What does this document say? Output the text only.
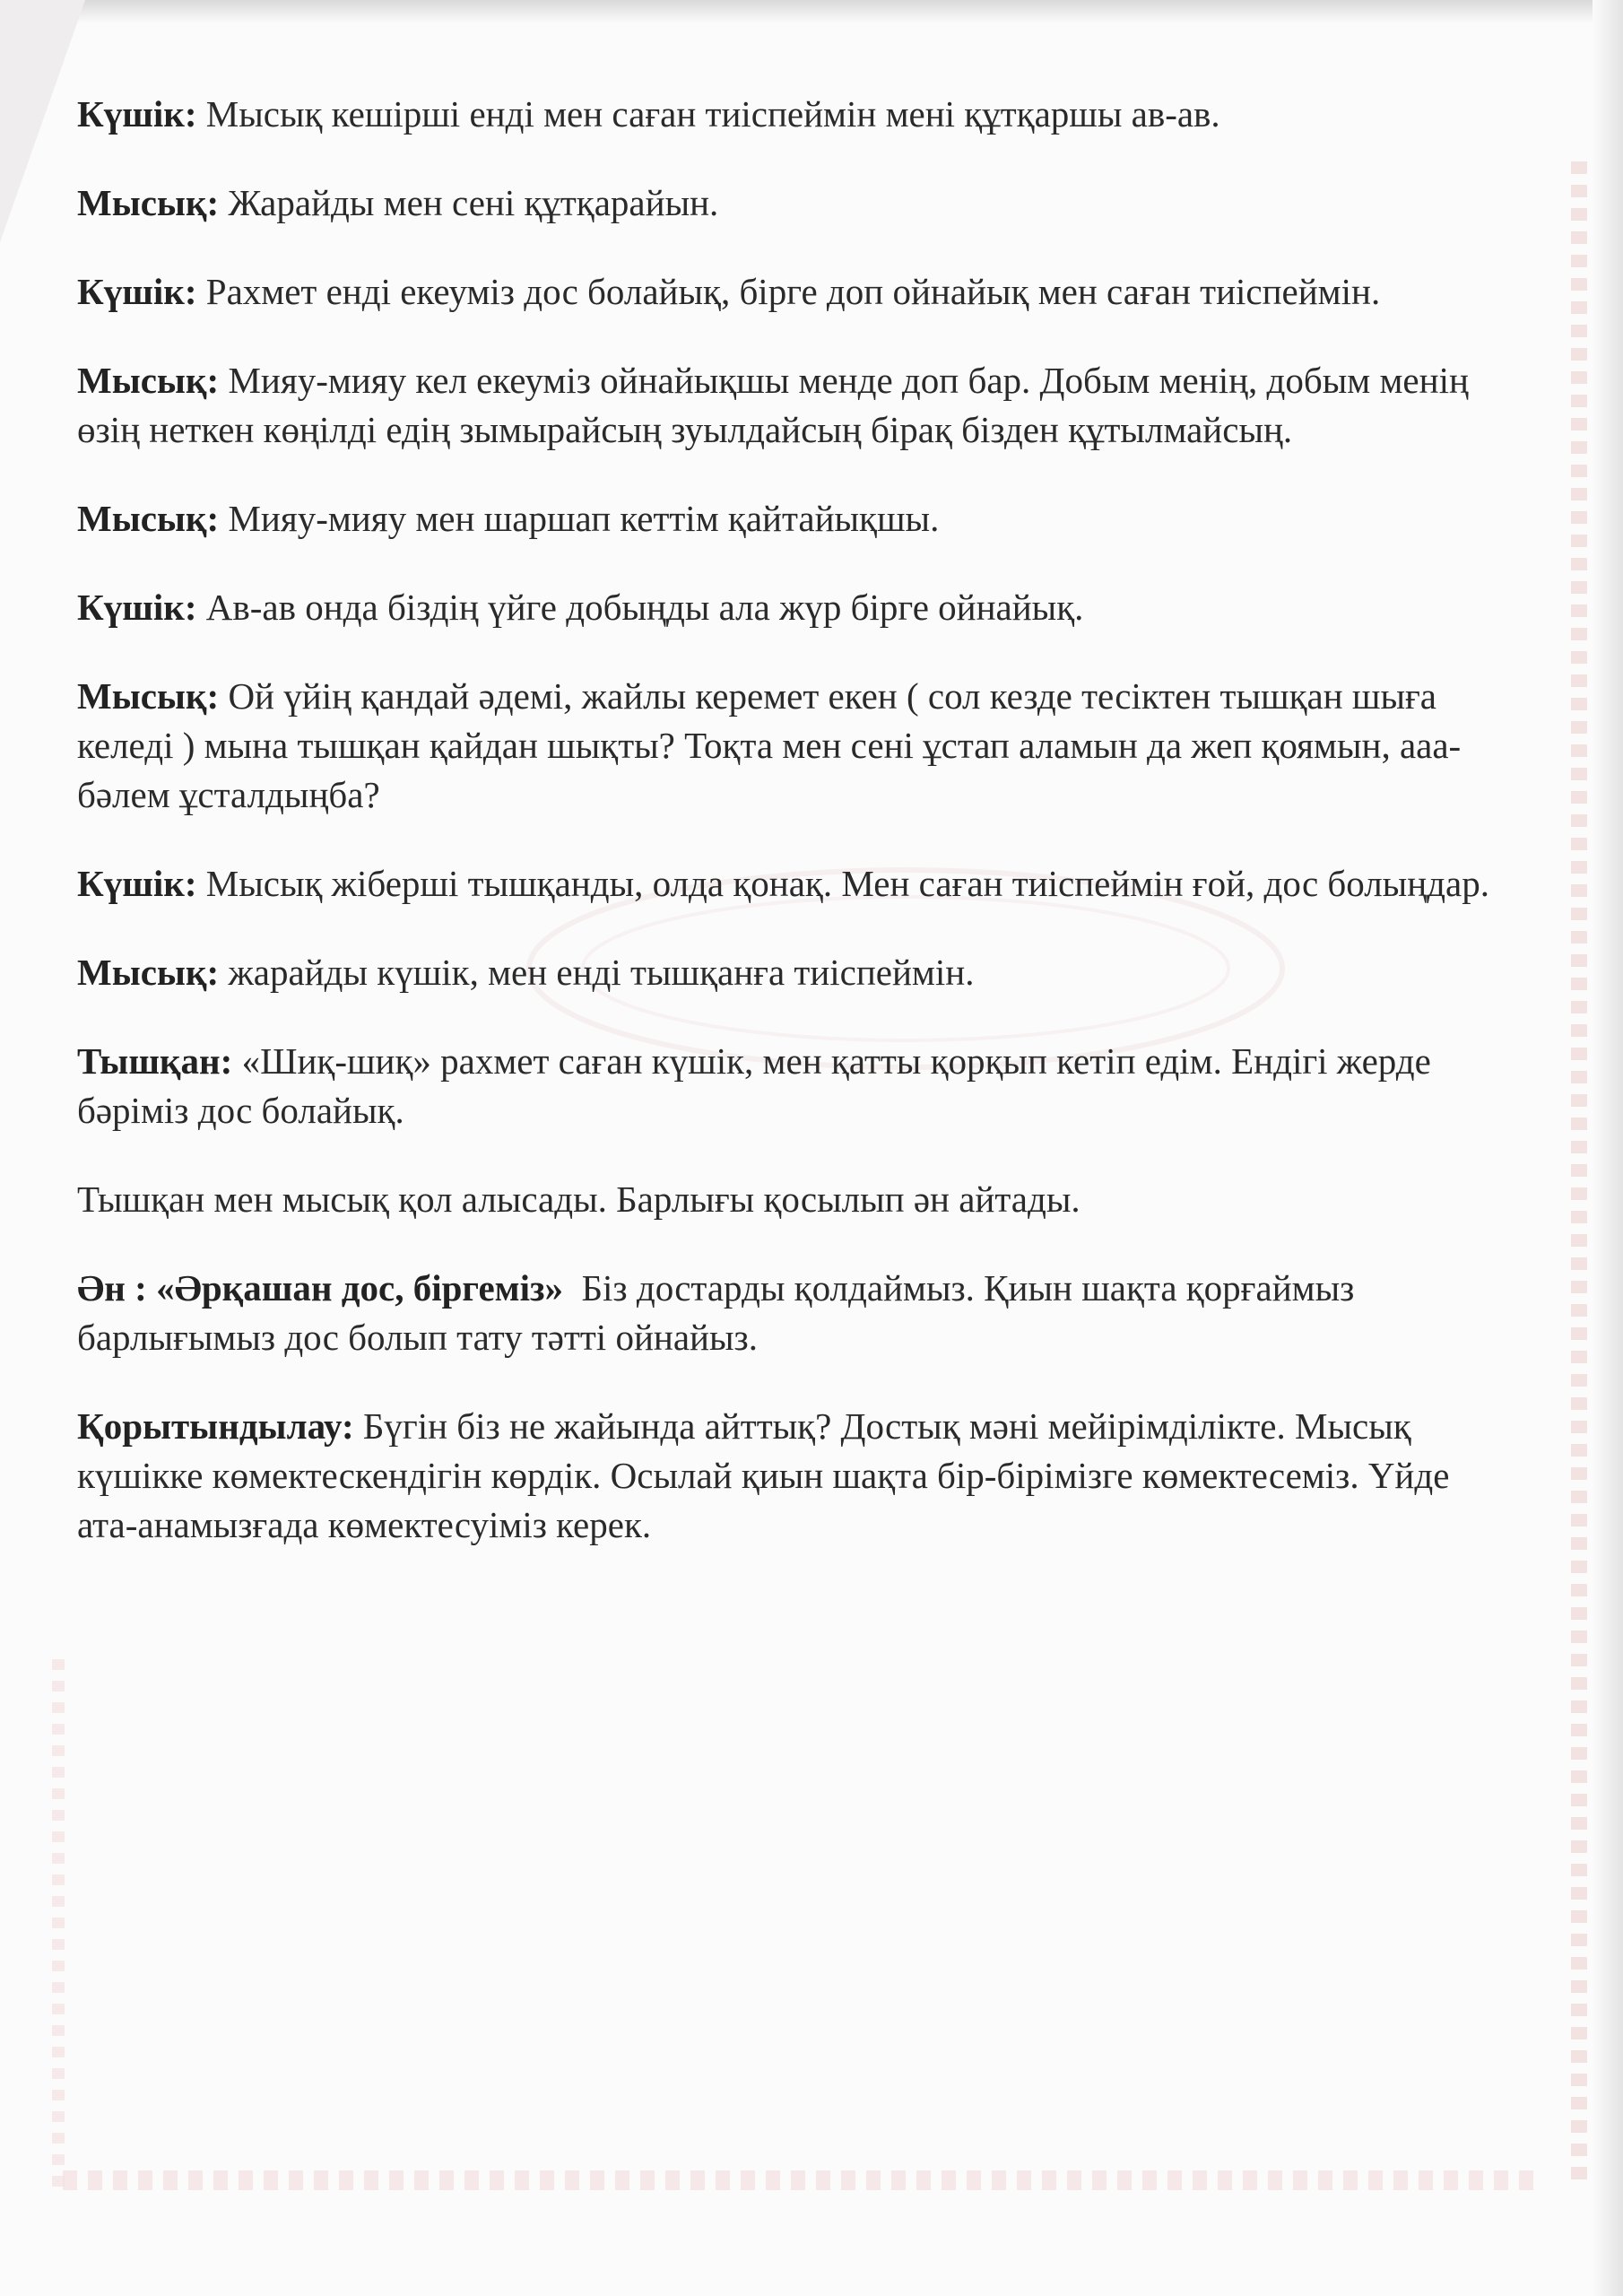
Күшік: Мысық кешірші енді мен саған тиіспеймін мені құтқаршы ав-ав.

Мысық: Жарайды мен сені құтқарайын.

Күшік: Рахмет енді екеуміз дос болайық, бірге доп ойнайық мен саған тиіспеймін.

Мысық: Мияу-мияу кел екеуміз ойнайықшы менде доп бар. Добым менің, добым менің өзің неткен көңілді едің зымырайсың зуылдайсың бірақ бізден құтылмайсың.

Мысық: Мияу-мияу мен шаршап кеттім қайтайықшы.

Күшік: Ав-ав онда біздің үйге добыңды ала жүр бірге ойнайық.

Мысық: Ой үйің қандай әдемі, жайлы керемет екен ( сол кезде тесіктен тышқан шыға келеді ) мына тышқан қайдан шықты? Тоқта мен сені ұстап аламын да жеп қоямын, ааа-бәлем ұсталдыңба?

Күшік: Мысық жіберші тышқанды, олда қонақ. Мен саған тиіспеймін ғой, дос болыңдар.

Мысық: жарайды күшік, мен енді тышқанға тиіспеймін.

Тышқан: «Шиқ-шиқ» рахмет саған күшік, мен қатты қорқып кетіп едім. Ендігі жерде бәріміз дос болайық.

Тышқан мен мысық қол алысады. Барлығы қосылып ән айтады.

Ән : «Әрқашан дос, біргеміз»  Біз достарды қолдаймыз. Қиын шақта қорғаймыз барлығымыз дос болып тату тәтті ойнайыз.

Қорытындылау: Бүгін біз не жайында айттық? Достық мәні мейірімділікте. Мысық күшікке көмектескендігін көрдік. Осылай қиын шақта бір-бірімізге көмектесеміз. Үйде ата-анамызғада көмектесуіміз керек.
